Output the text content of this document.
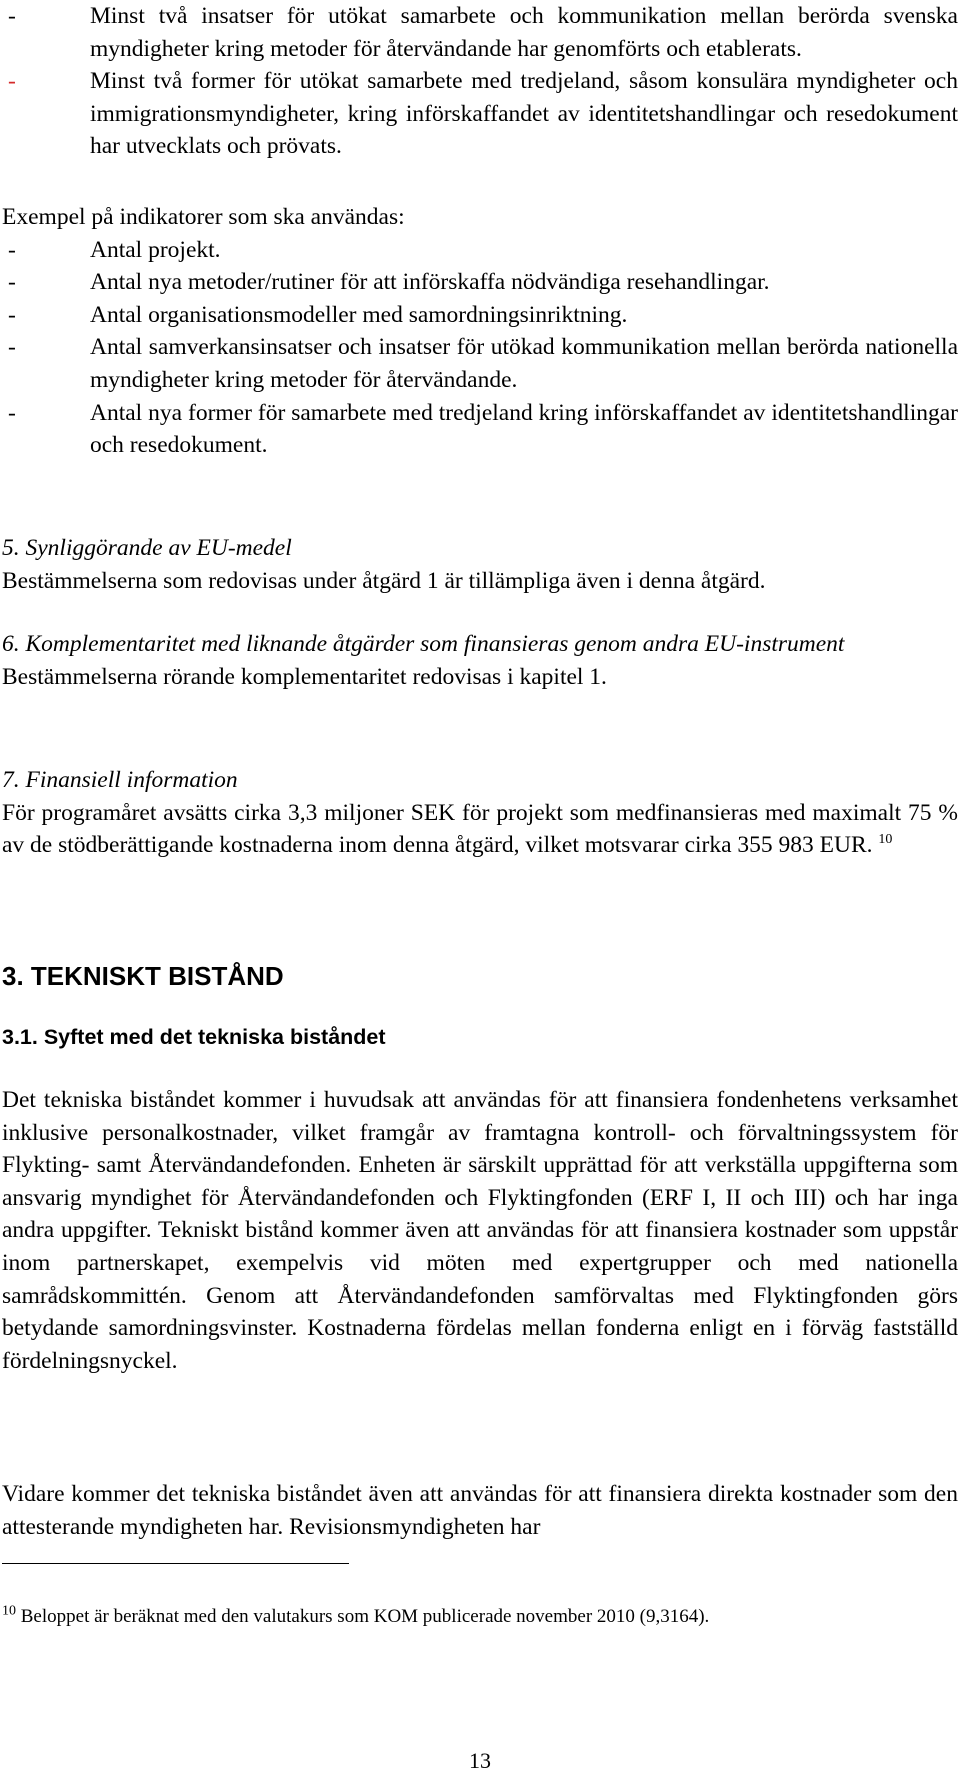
-	Minst två insatser för utökat samarbete och kommunikation mellan berörda svenska myndigheter kring metoder för återvändande har genomförts och etablerats.

-	Minst två former för utökat samarbete med tredjeland, såsom konsulära myndigheter och immigrationsmyndigheter, kring införskaffandet av identitetshandlingar och resedokument har utvecklats och prövats.

Exempel på indikatorer som ska användas:

-	Antal projekt.

-	Antal nya metoder/rutiner för att införskaffa nödvändiga resehandlingar.

-	Antal organisationsmodeller med samordningsinriktning.

-	Antal samverkansinsatser och insatser för utökad kommunikation mellan berörda nationella myndigheter kring metoder för återvändande.

-	Antal nya former för samarbete med tredjeland kring införskaffandet av identitetshandlingar och resedokument.

5. Synliggörande av EU-medel

Bestämmelserna som redovisas under åtgärd 1 är tillämpliga även i denna åtgärd.

6. Komplementaritet med liknande åtgärder som finansieras genom andra EU-instrument

Bestämmelserna rörande komplementaritet redovisas i kapitel 1.

7. Finansiell information

För programåret avsätts cirka 3,3 miljoner SEK för projekt som medfinansieras med maximalt 75 % av de stödberättigande kostnaderna inom denna åtgärd, vilket motsvarar cirka 355 983 EUR. $^{10}$

3. TEKNISKT BISTÅND

3.1. Syftet med det tekniska biståndet

Det tekniska biståndet kommer i huvudsak att användas för att finansiera fondenhetens verksamhet inklusive personalkostnader, vilket framgår av framtagna kontroll- och förvaltningssystem för Flykting- samt Återvändandefonden. Enheten är särskilt upprättad för att verkställa uppgifterna som ansvarig myndighet för Återvändandefonden och Flyktingfonden (ERF I, II och III) och har inga andra uppgifter. Tekniskt bistånd kommer även att användas för att finansiera kostnader som uppstår inom partnerskapet, exempelvis vid möten med expertgrupper och med nationella samrådskommittén. Genom att Återvändandefonden samförvaltas med Flyktingfonden görs betydande samordningsvinster. Kostnaderna fördelas mellan fonderna enligt en i förväg fastställd fördelningsnyckel.

Vidare kommer det tekniska biståndet även att användas för att finansiera direkta kostnader som den attesterande myndigheten har. Revisionsmyndigheten har

$^{10}$ Beloppet är beräknat med den valutakurs som KOM publicerade november 2010 (9,3164).
13
